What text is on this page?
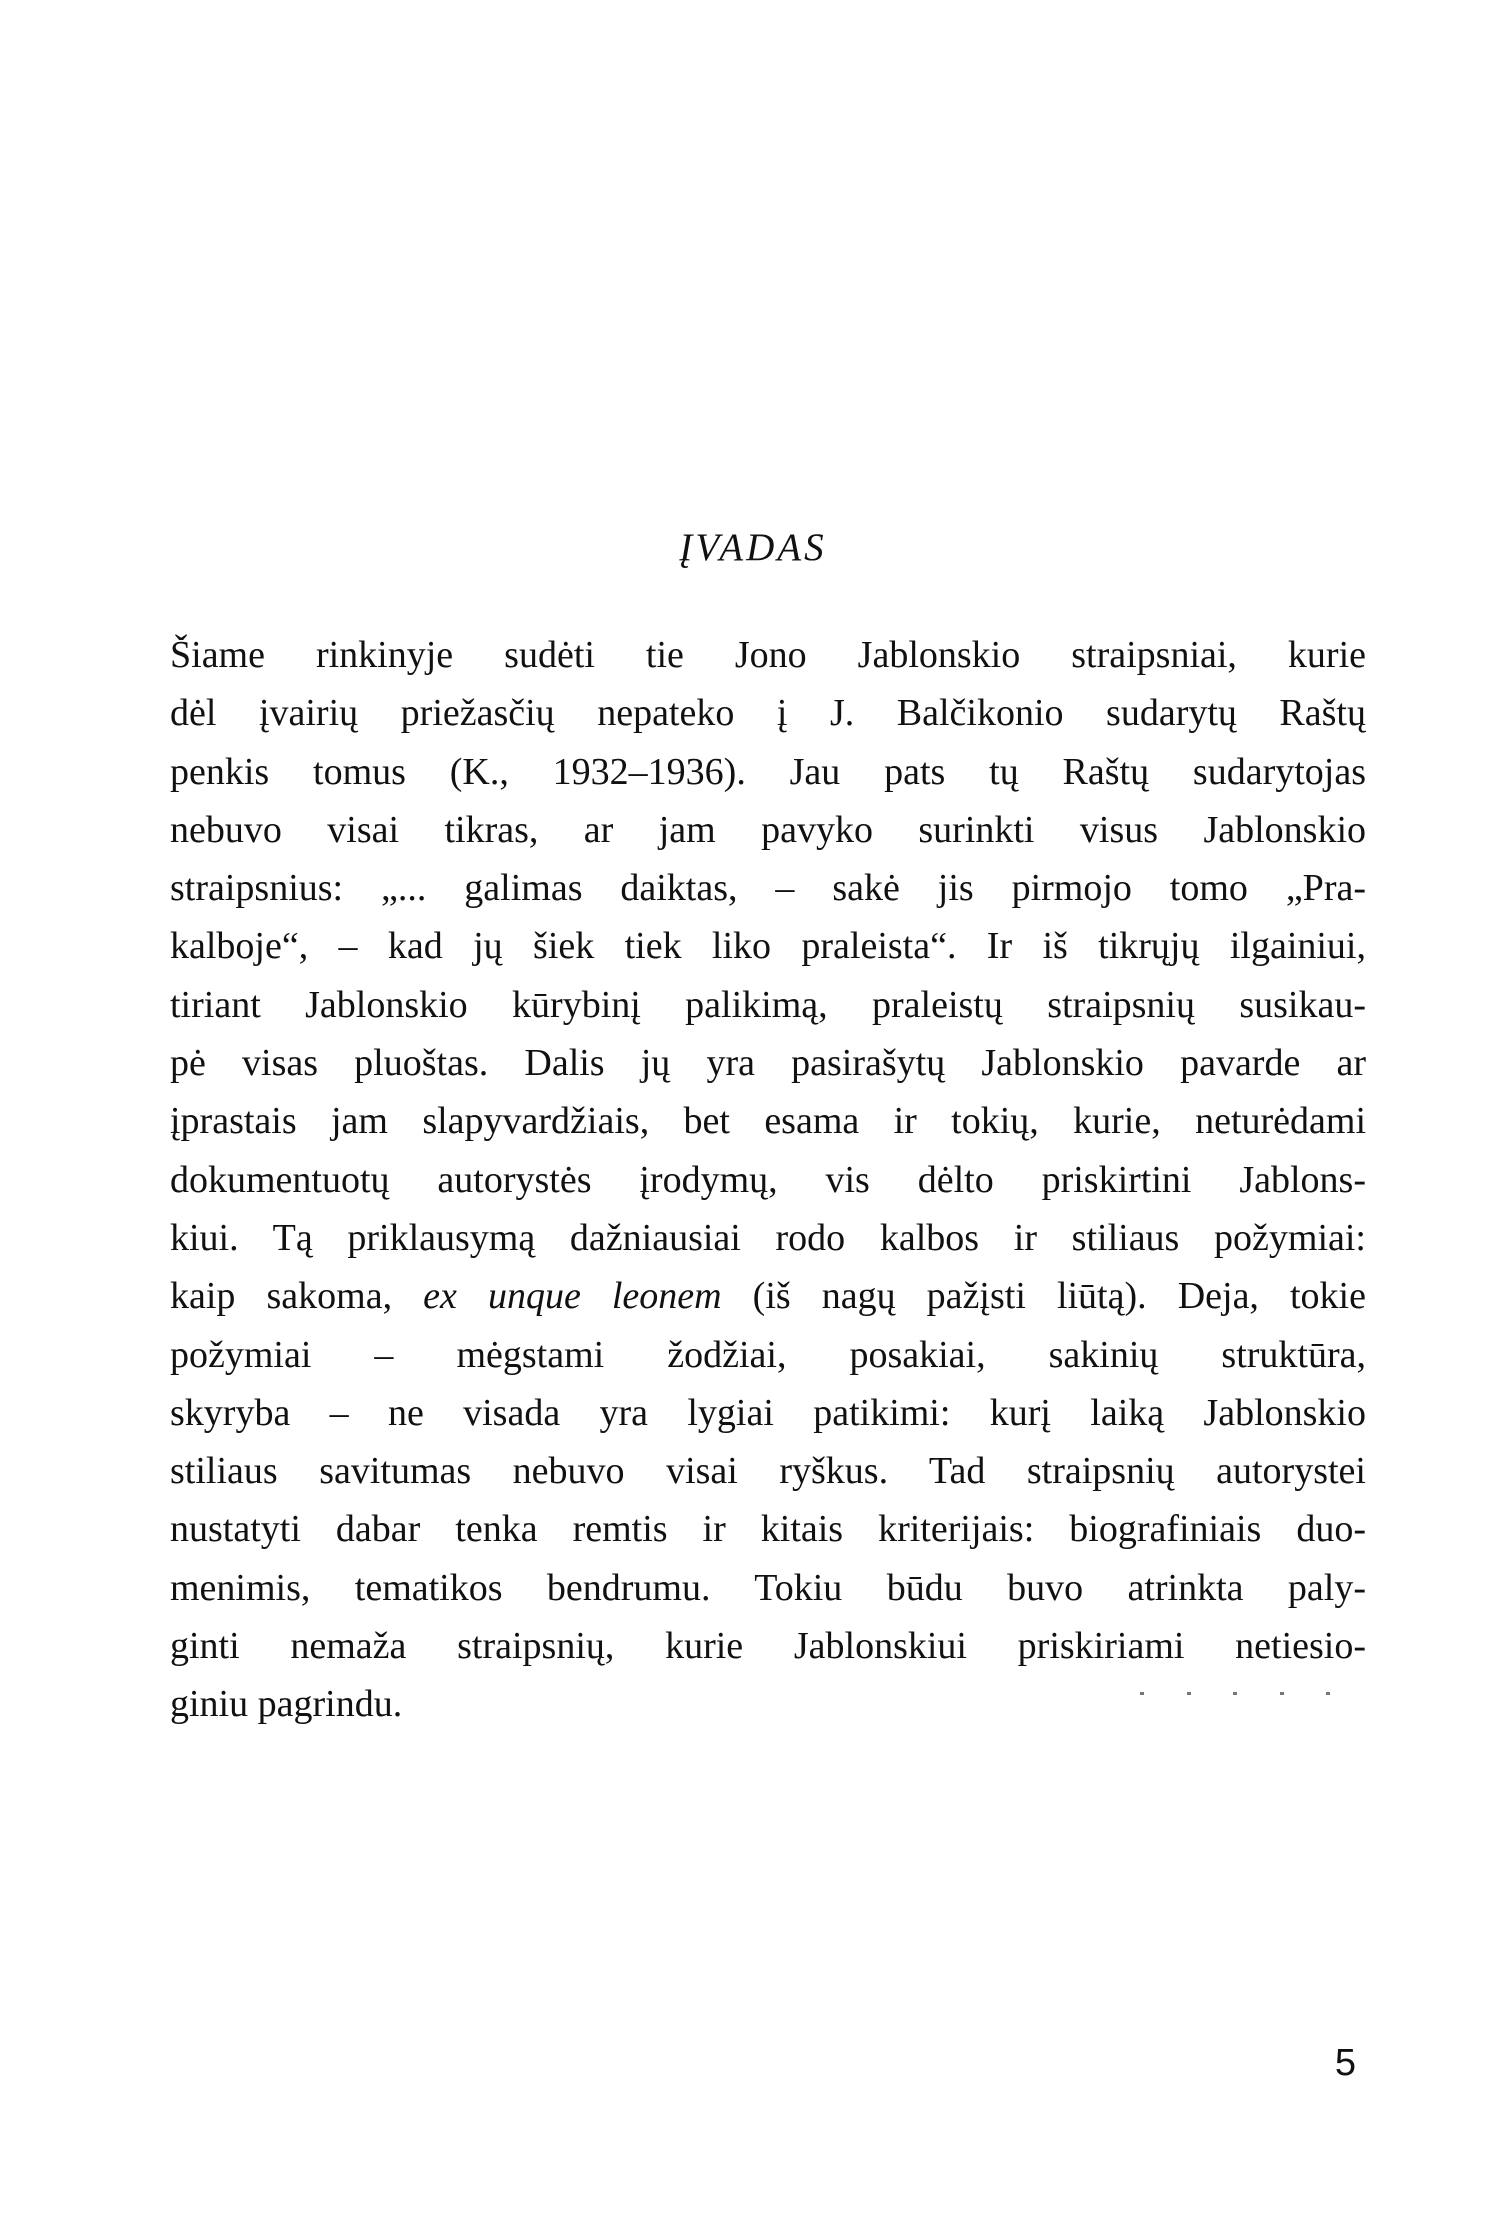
ĮVADAS
Šiame rinkinyje sudėti tie Jono Jablonskio straipsniai, kurie
dėl įvairių priežasčių nepateko į J. Balčikonio sudarytų Raštų
penkis tomus (K., 1932–1936). Jau pats tų Raštų sudarytojas
nebuvo visai tikras, ar jam pavyko surinkti visus Jablonskio
straipsnius: „... galimas daiktas, – sakė jis pirmojo tomo „Pra-
kalboje“, – kad jų šiek tiek liko praleista“. Ir iš tikrųjų ilgainiui,
tiriant Jablonskio kūrybinį palikimą, praleistų straipsnių susikau-
pė visas pluoštas. Dalis jų yra pasirašytų Jablonskio pavarde ar
įprastais jam slapyvardžiais, bet esama ir tokių, kurie, neturėdami
dokumentuotų autorystės įrodymų, vis dėlto priskirtini Jablons-
kiui. Tą priklausymą dažniausiai rodo kalbos ir stiliaus požymiai:
kaip sakoma, ex unque leonem (iš nagų pažįsti liūtą). Deja, tokie
požymiai – mėgstami žodžiai, posakiai, sakinių struktūra,
skyryba – ne visada yra lygiai patikimi: kurį laiką Jablonskio
stiliaus savitumas nebuvo visai ryškus. Tad straipsnių autorystei
nustatyti dabar tenka remtis ir kitais kriterijais: biografiniais duo-
menimis, tematikos bendrumu. Tokiu būdu buvo atrinkta paly-
ginti nemaža straipsnių, kurie Jablonskiui priskiriami netiesio-
giniu pagrindu.

5
